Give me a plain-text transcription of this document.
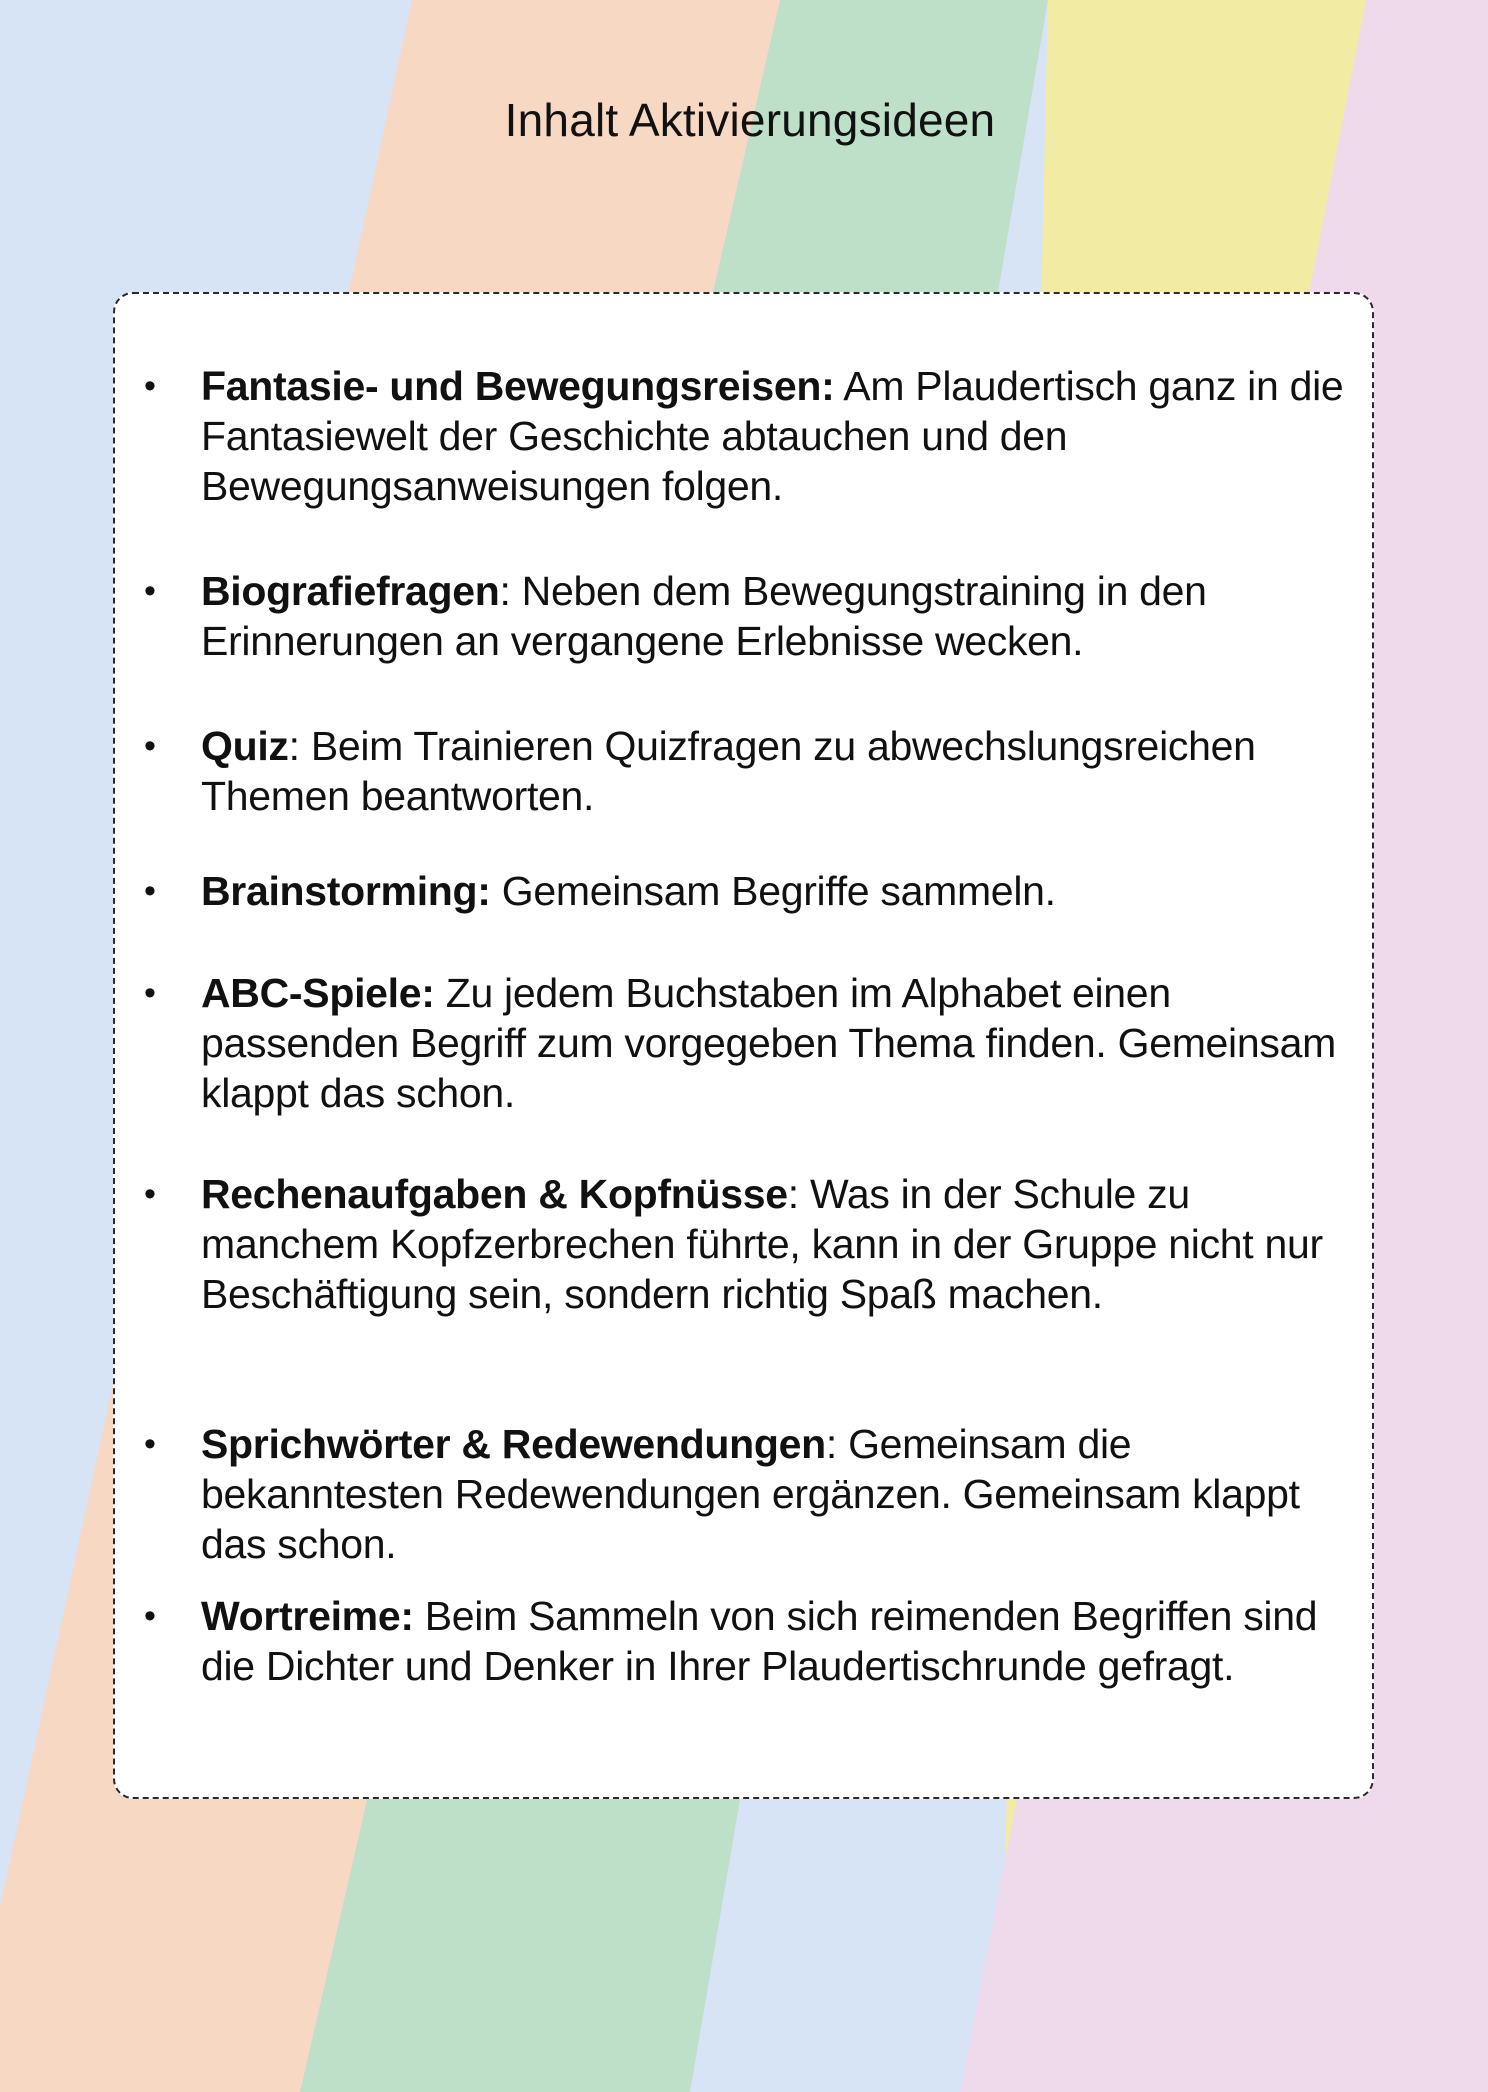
Inhalt Aktivierungsideen
• Fantasie- und Bewegungsreisen: Am Plaudertisch ganz in die Fantasiewelt der Geschichte abtauchen und den Bewegungsanweisungen folgen.
• Biografiefragen: Neben dem Bewegungstraining in den Erinnerungen an vergangene Erlebnisse wecken.
• Quiz: Beim Trainieren Quizfragen zu abwechslungsreichen Themen beantworten.
• Brainstorming: Gemeinsam Begriffe sammeln.
• ABC-Spiele: Zu jedem Buchstaben im Alphabet einen passenden Begriff zum vorgegeben Thema finden. Gemeinsam klappt das schon.
• Rechenaufgaben & Kopfnüsse: Was in der Schule zu manchem Kopfzerbrechen führte, kann in der Gruppe nicht nur Beschäftigung sein, sondern richtig Spaß machen.
• Sprichwörter & Redewendungen: Gemeinsam die bekanntesten Redewendungen ergänzen. Gemeinsam klappt das schon.
• Wortreime: Beim Sammeln von sich reimenden Begriffen sind die Dichter und Denker in Ihrer Plaudertischrunde gefragt.
